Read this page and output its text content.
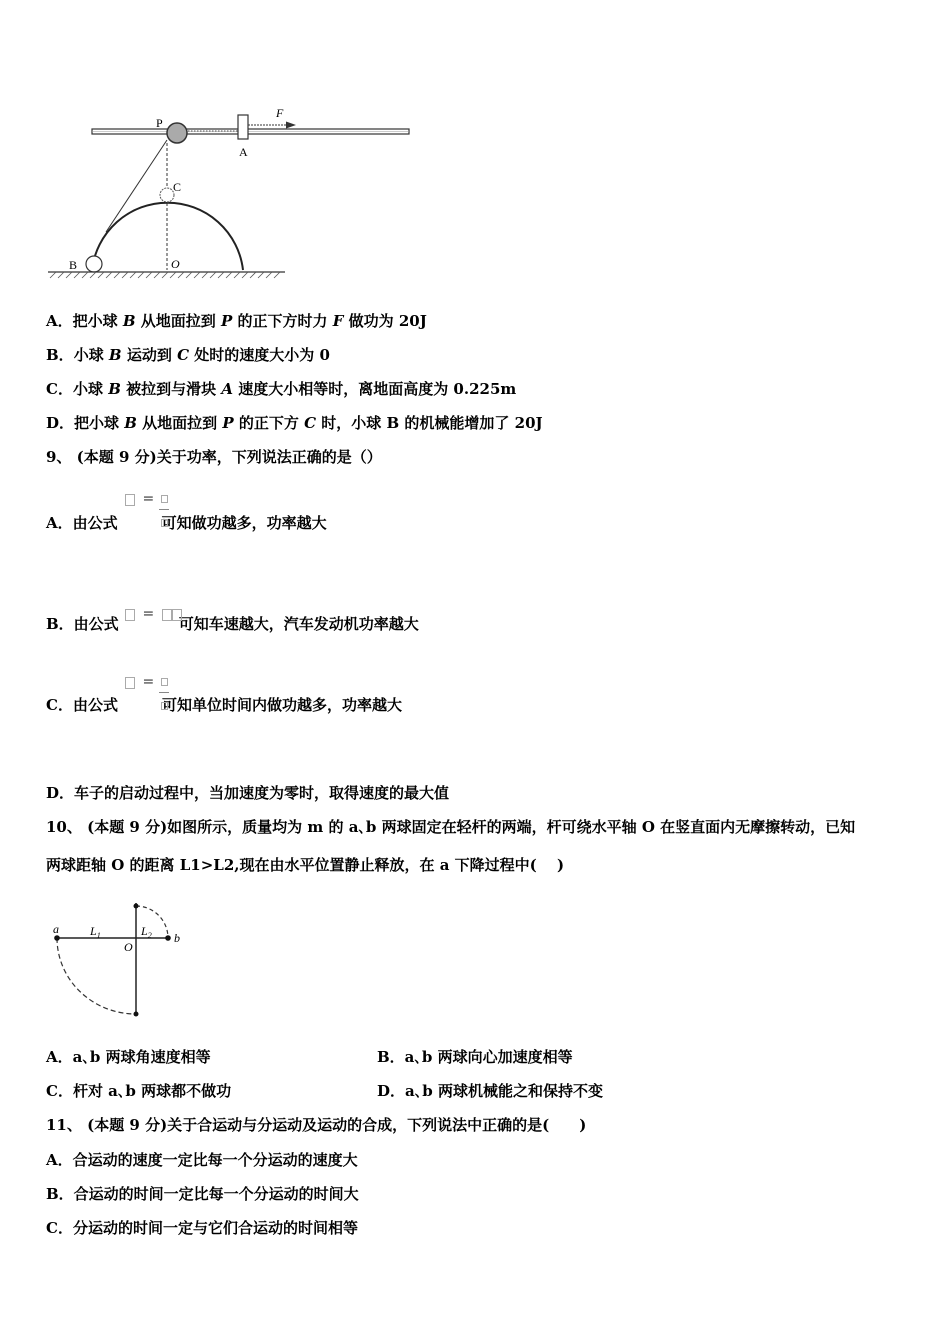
P
A
F
C
B	O
A．把小球 B 从地面拉到 P 的正下方时力 F 做功为 20J
B．小球 B 运动到 C 处时的速度大小为 0
C．小球 B 被拉到与滑块 A 速度大小相等时，离地面高度为 0.225m
D．把小球 B 从地面拉到 P 的正下方 C 时，小球 B 的机械能增加了 20J
9、 (本题 9 分)关于功率，下列说法正确的是（）
A．由公式	可知做功越多，功率越大
=
B．由公式	可知车速越大，汽车发动机功率越大
=
C．由公式	可知单位时间内做功越多，功率越大
=
D．车子的启动过程中，当加速度为零时，取得速度的最大值
10、 (本题 9 分)如图所示，质量均为 m 的 a､b 两球固定在轻杆的两端，杆可绕水平轴 O 在竖直面内无摩擦转动，已知
两球距轴 O 的距离 L1>L2,现在由水平位置静止释放，在 a 下降过程中(　 )
a	$L_1$
O
$L_2$ b
A．a､b 两球角速度相等	B．a､b 两球向心加速度相等
C．杆对 a､b 两球都不做功	D．a､b 两球机械能之和保持不变
11、 (本题 9 分)关于合运动与分运动及运动的合成，下列说法中正确的是(　　)
A．合运动的速度一定比每一个分运动的速度大
B．合运动的时间一定比每一个分运动的时间大
C．分运动的时间一定与它们合运动的时间相等
